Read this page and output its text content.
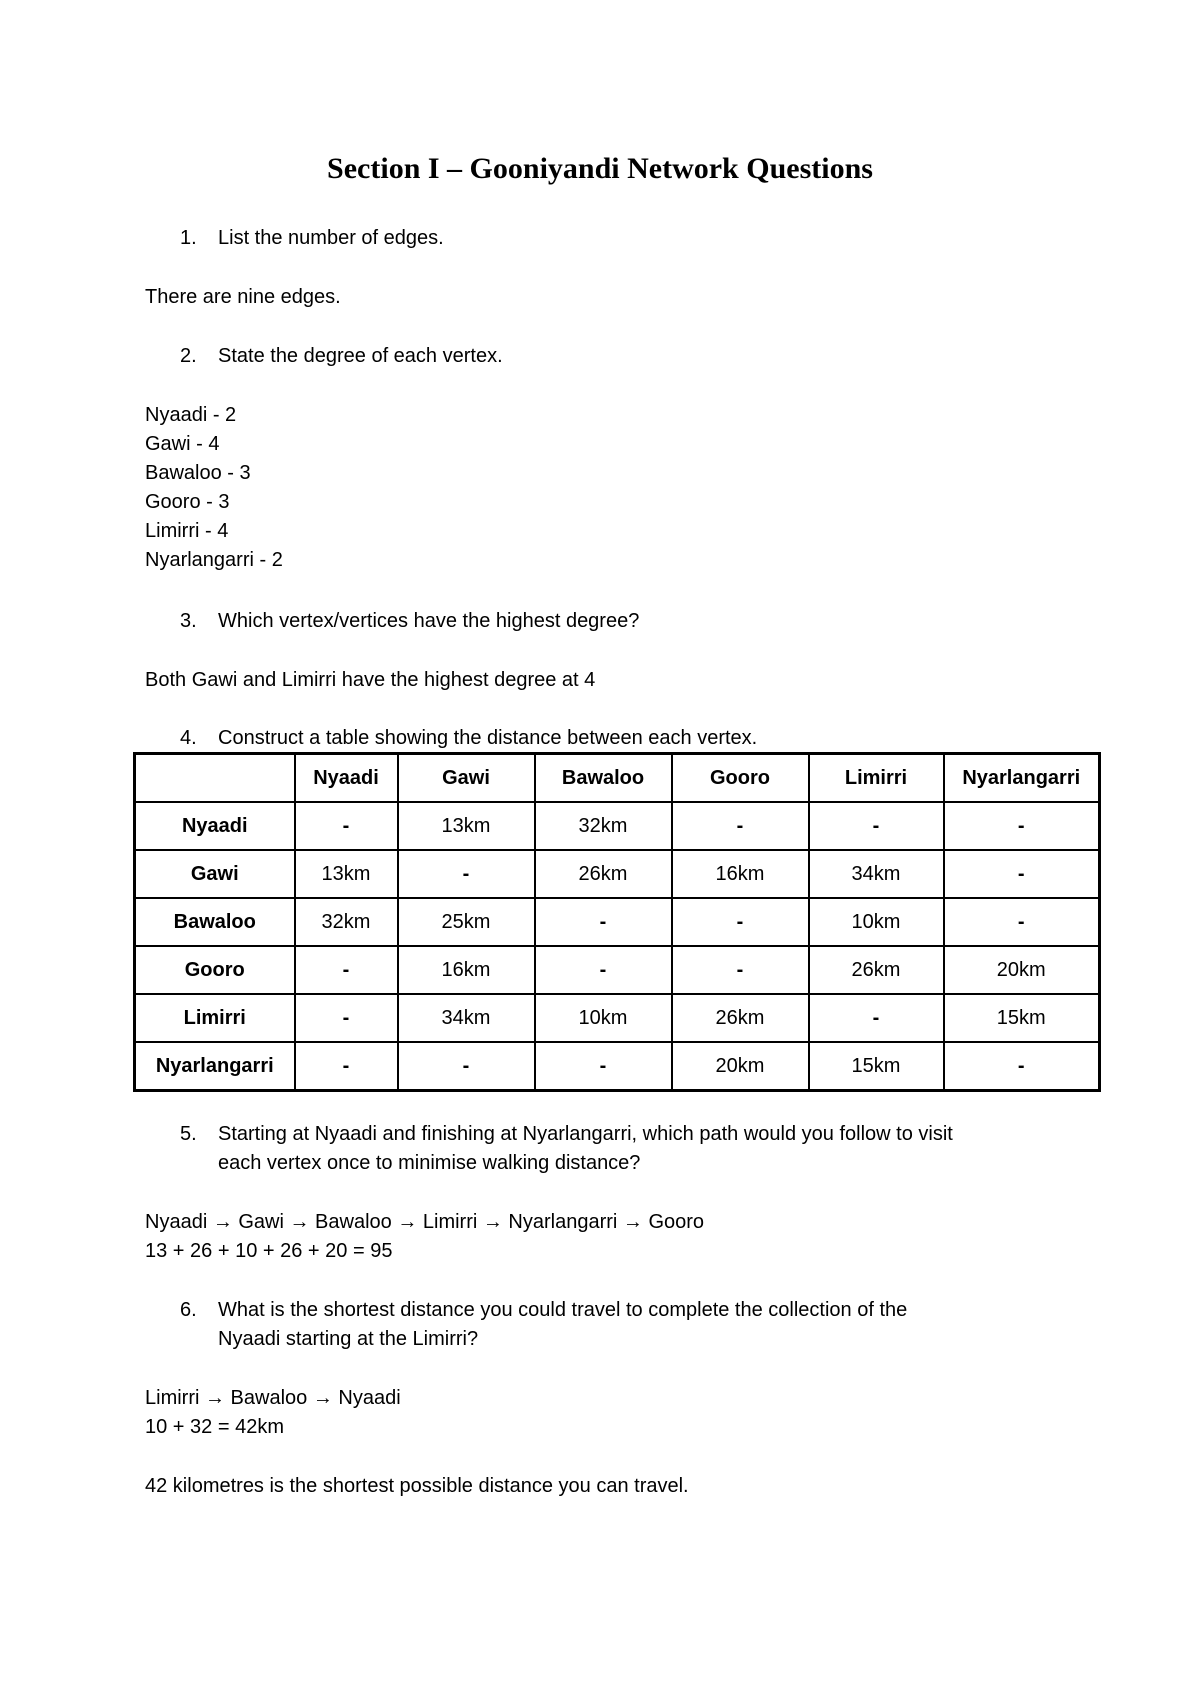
Section I – Gooniyandi Network Questions
1. List the number of edges.
There are nine edges.
2. State the degree of each vertex.
Nyaadi - 2
Gawi - 4
Bawaloo - 3
Gooro - 3
Limirri - 4
Nyarlangarri - 2
3. Which vertex/vertices have the highest degree?
Both Gawi and Limirri have the highest degree at 4
4. Construct a table showing the distance between each vertex.
	Nyaadi	Gawi	Bawaloo	Gooro	Limirri	Nyarlangarri
Nyaadi	-	13km	32km	-	-	-
Gawi	13km	-	26km	16km	34km	-
Bawaloo	32km	25km	-	-	10km	-
Gooro	-	16km	-	-	26km	20km
Limirri	-	34km	10km	26km	-	15km
Nyarlangarri	-	-	-	20km	15km	-
5. Starting at Nyaadi and finishing at Nyarlangarri, which path would you follow to visit
each vertex once to minimise walking distance?
Nyaadi → Gawi → Bawaloo → Limirri → Nyarlangarri → Gooro
13 + 26 + 10 + 26 + 20 = 95
6. What is the shortest distance you could travel to complete the collection of the
Nyaadi starting at the Limirri?
Limirri → Bawaloo → Nyaadi
10 + 32 = 42km
42 kilometres is the shortest possible distance you can travel.
